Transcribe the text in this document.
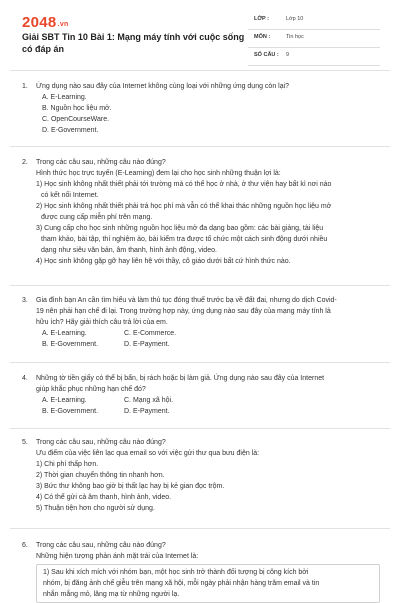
2048.vn
Giải SBT Tin 10 Bài 1: Mạng máy tính với cuộc sống có đáp án
LỚP :	Lớp 10
MÔN :	Tin học
SỐ CÂU : 9
1. Ứng dụng nào sau đây của Internet không cùng loại với những ứng dụng còn lại?
A. E-Learning.
B. Nguồn học liệu mở.
C. OpenCourseWare.
D. E-Government.
2. Trong các câu sau, những câu nào đúng?
Hình thức học trực tuyến (E-Learning) đem lại cho học sinh những thuận lợi là:
1) Học sinh không nhất thiết phải tới trường mà có thể học ở nhà, ở thư viện hay bất kì nơi nào
có kết nối Internet.
2) Học sinh không nhất thiết phải trả học phí mà vẫn có thể khai thác những nguồn học liệu mở
được cung cấp miễn phí trên mạng.
3) Cung cấp cho học sinh những nguồn học liệu mở đa dạng bao gồm: các bài giảng, tài liệu
tham khảo, bài tập, thí nghiệm ảo, bài kiểm tra được tổ chức một cách sinh động dưới nhiều
dạng như siêu văn bản, âm thanh, hình ảnh động, video.
4) Học sinh không gặp gỡ hay liên hệ với thầy, cô giáo dưới bất cứ hình thức nào.
3. Gia đình bạn An cần tìm hiểu và làm thủ tục đóng thuế trước bạ về đất đai, nhưng do dịch Covid-
19 nên phải hạn chế đi lại. Trong trường hợp này, ứng dụng nào sau đây của mạng máy tính là
hữu ích? Hãy giải thích câu trả lời của em.
A. E-Learning.	C. E-Commerce.
B. E-Government.	D. E-Payment.
4. Những tờ tiền giấy có thể bị bẩn, bị rách hoặc bị làm giả. Ứng dụng nào sau đây của Internet
giúp khắc phục những hạn chế đó?
A. E-Learning.	C. Mạng xã hội.
B. E-Government.	D. E-Payment.
5. Trong các câu sau, những câu nào đúng?
Ưu điểm của việc liên lạc qua email so với việc gửi thư qua bưu điện là:
1) Chi phí thấp hơn.
2) Thời gian chuyển thông tin nhanh hơn.
3) Bức thư không bao giờ bị thất lạc hay bị kẻ gian đọc trộm.
4) Có thể gửi cả âm thanh, hình ảnh, video.
5) Thuận tiện hơn cho người sử dụng.
6. Trong các câu sau, những câu nào đúng?
Những hiện tượng phản ánh mặt trái của Internet là:
1) Sau khi xích mích với nhóm bạn, một học sinh trở thành đối tượng bị công kích bởi
nhóm, bị đăng ảnh chế giễu trên mạng xã hội, mỗi ngày phải nhận hàng trăm email và tin
nhắn mắng mỏ, lăng mạ từ những người lạ.
